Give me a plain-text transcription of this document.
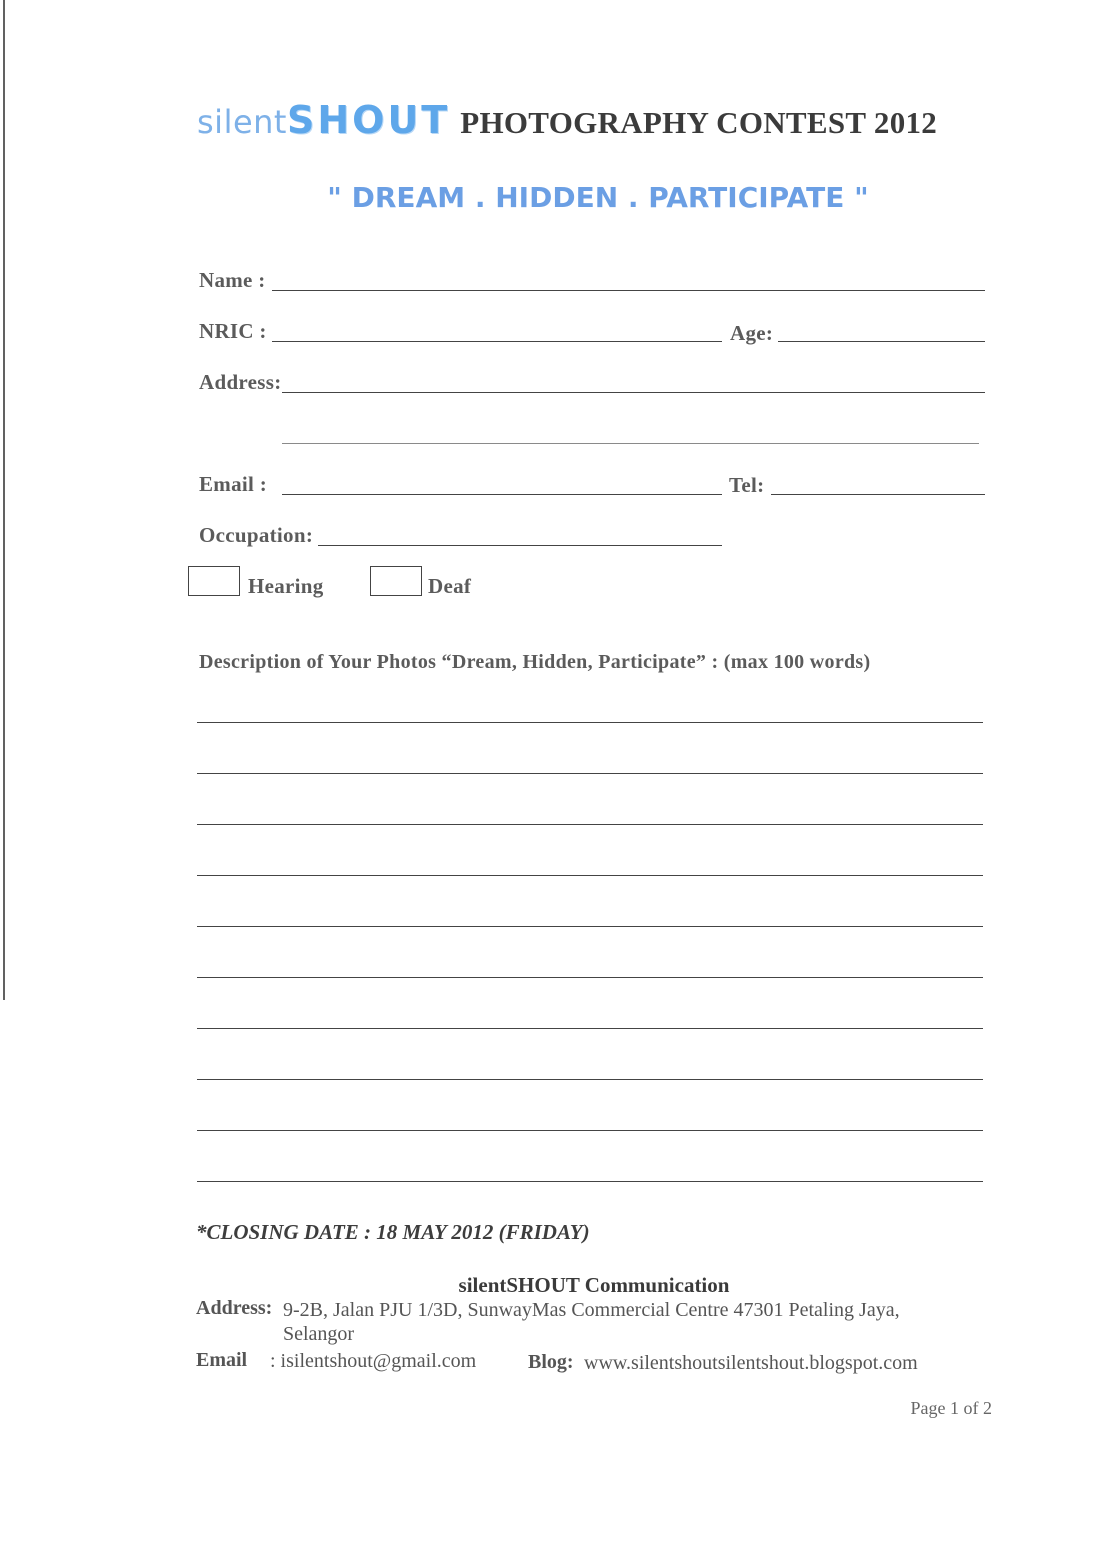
silentSHOUT PHOTOGRAPHY CONTEST 2012
" DREAM . HIDDEN . PARTICIPATE "
Name :
NRIC :	Age:
Address:
Email :	Tel:
Occupation:
Hearing	Deaf
Description of Your Photos “Dream, Hidden, Participate” : (max 100 words)
*CLOSING DATE : 18 MAY 2012 (FRIDAY)
silentSHOUT Communication
Address: 9-2B, Jalan PJU 1/3D, SunwayMas Commercial Centre 47301 Petaling Jaya,
Selangor
Email : isilentshout@gmail.com	Blog: www.silentshoutsilentshout.blogspot.com
Page 1 of 2
